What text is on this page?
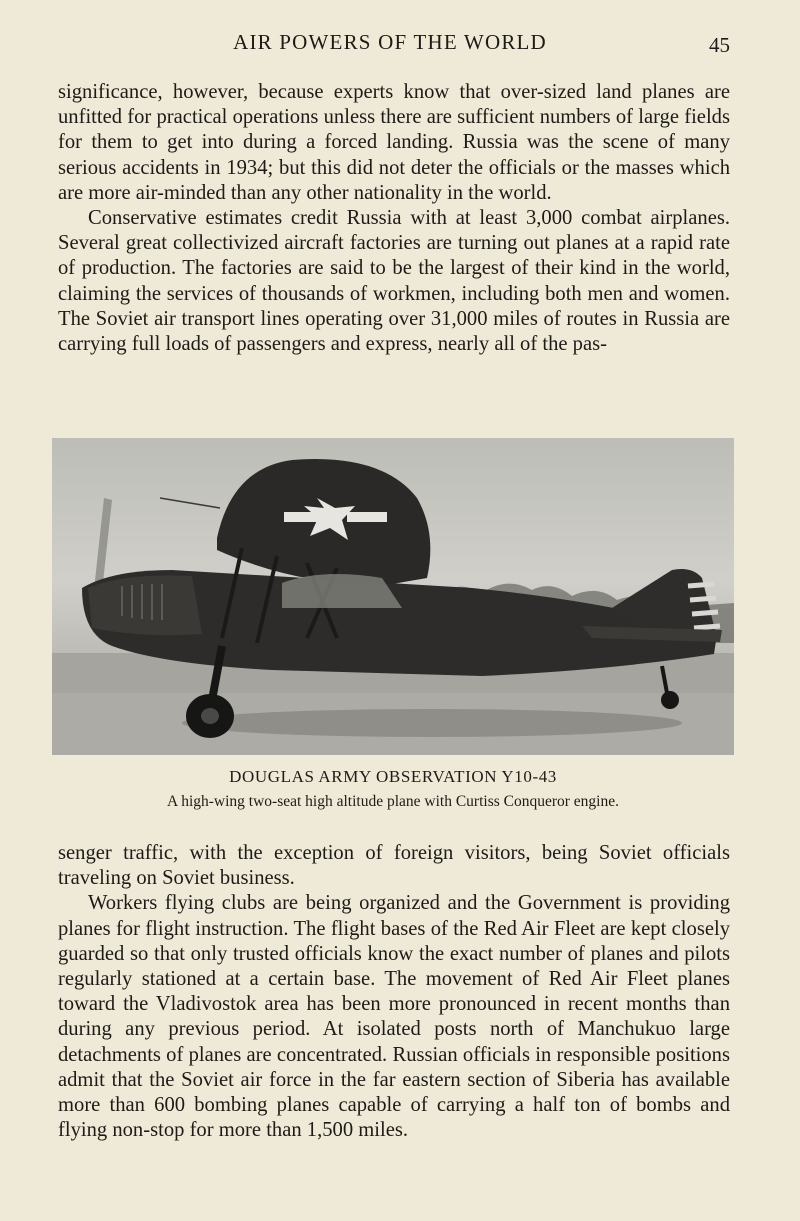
AIR POWERS OF THE WORLD	45

significance, however, because experts know that over-sized land planes are unfitted for practical operations unless there are sufficient numbers of large fields for them to get into during a forced landing. Russia was the scene of many serious accidents in 1934; but this did not deter the officials or the masses which are more air-minded than any other nationality in the world.

Conservative estimates credit Russia with at least 3,000 combat airplanes. Several great collectivized aircraft factories are turning out planes at a rapid rate of production. The factories are said to be the largest of their kind in the world, claiming the services of thousands of workmen, including both men and women. The Soviet air transport lines operating over 31,000 miles of routes in Russia are carrying full loads of passengers and express, nearly all of the pas-

DOUGLAS ARMY OBSERVATION Y10-43
A high-wing two-seat high altitude plane with Curtiss Conqueror engine.

senger traffic, with the exception of foreign visitors, being Soviet officials traveling on Soviet business.

Workers flying clubs are being organized and the Government is providing planes for flight instruction. The flight bases of the Red Air Fleet are kept closely guarded so that only trusted officials know the exact number of planes and pilots regularly stationed at a certain base. The movement of Red Air Fleet planes toward the Vladivostok area has been more pronounced in recent months than during any previous period. At isolated posts north of Manchukuo large detachments of planes are concentrated. Russian officials in responsible positions admit that the Soviet air force in the far eastern section of Siberia has available more than 600 bombing planes capable of carrying a half ton of bombs and flying non-stop for more than 1,500 miles.
